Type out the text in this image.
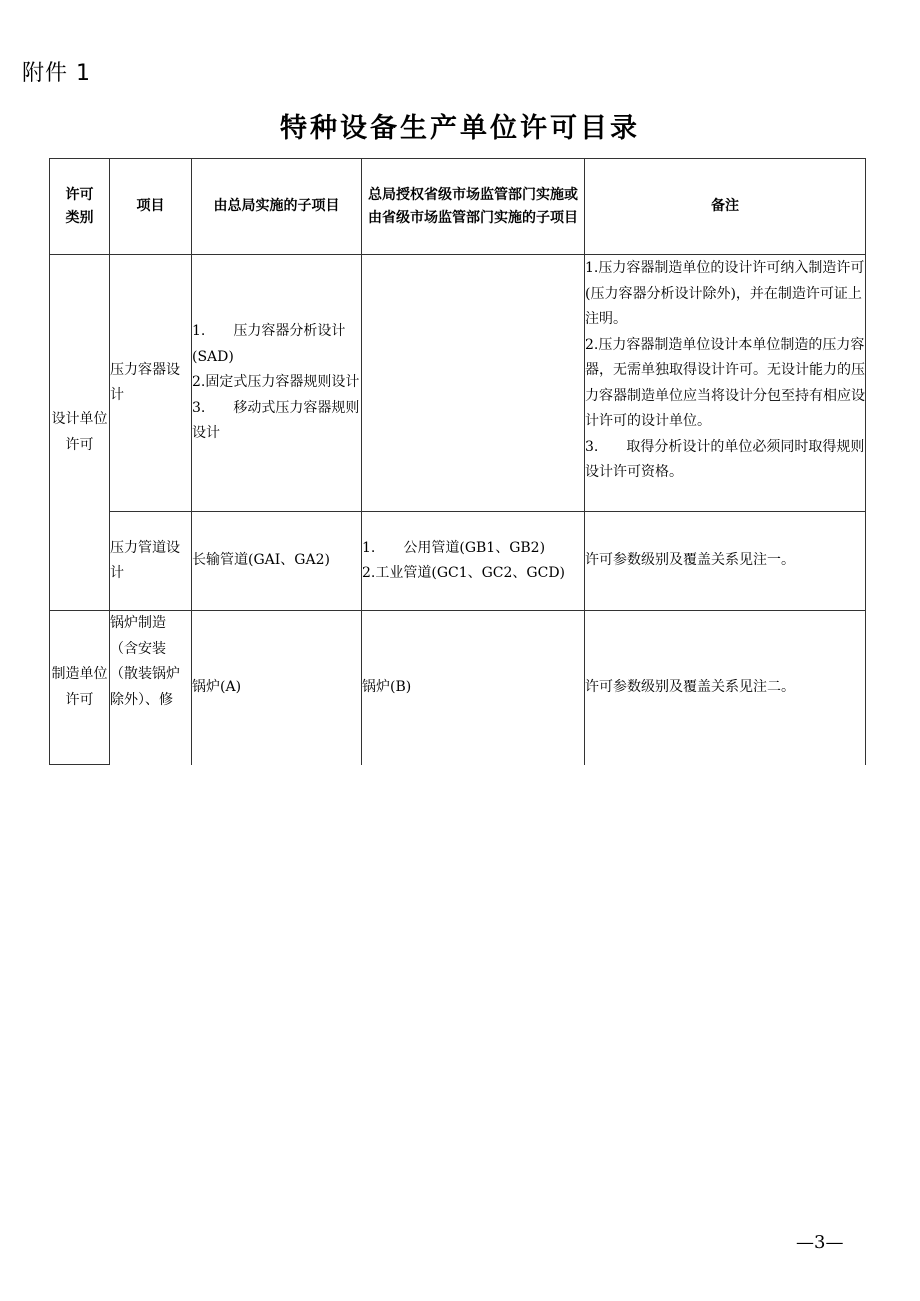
附件 1
特种设备生产单位许可目录
许可类别	项目	由总局实施的子项目	总局授权省级市场监管部门实施或由省级市场监管部门实施的子项目	备注
设计单位许可	压力容器设计	1.　　压力容器分析设计(SAD)
2.固定式压力容器规则设计
3.　　移动式压力容器规则设计		1.压力容器制造单位的设计许可纳入制造许可(压力容器分析设计除外)，并在制造许可证上注明。
2.压力容器制造单位设计本单位制造的压力容器，无需单独取得设计许可。无设计能力的压力容器制造单位应当将设计分包至持有相应设计许可的设计单位。
3.　　取得分析设计的单位必须同时取得规则设计许可资格。

	压力管道设计	长输管道(GAI、GA2)	1.　　公用管道(GB1、GB2)
2.工业管道(GC1、GC2、GCD)	许可参数级别及覆盖关系见注一。

制造单位许可	锅炉制造（含安装（散装锅炉除外）、修	锅炉(A)	锅炉(B)	许可参数级别及覆盖关系见注二。
—3—
